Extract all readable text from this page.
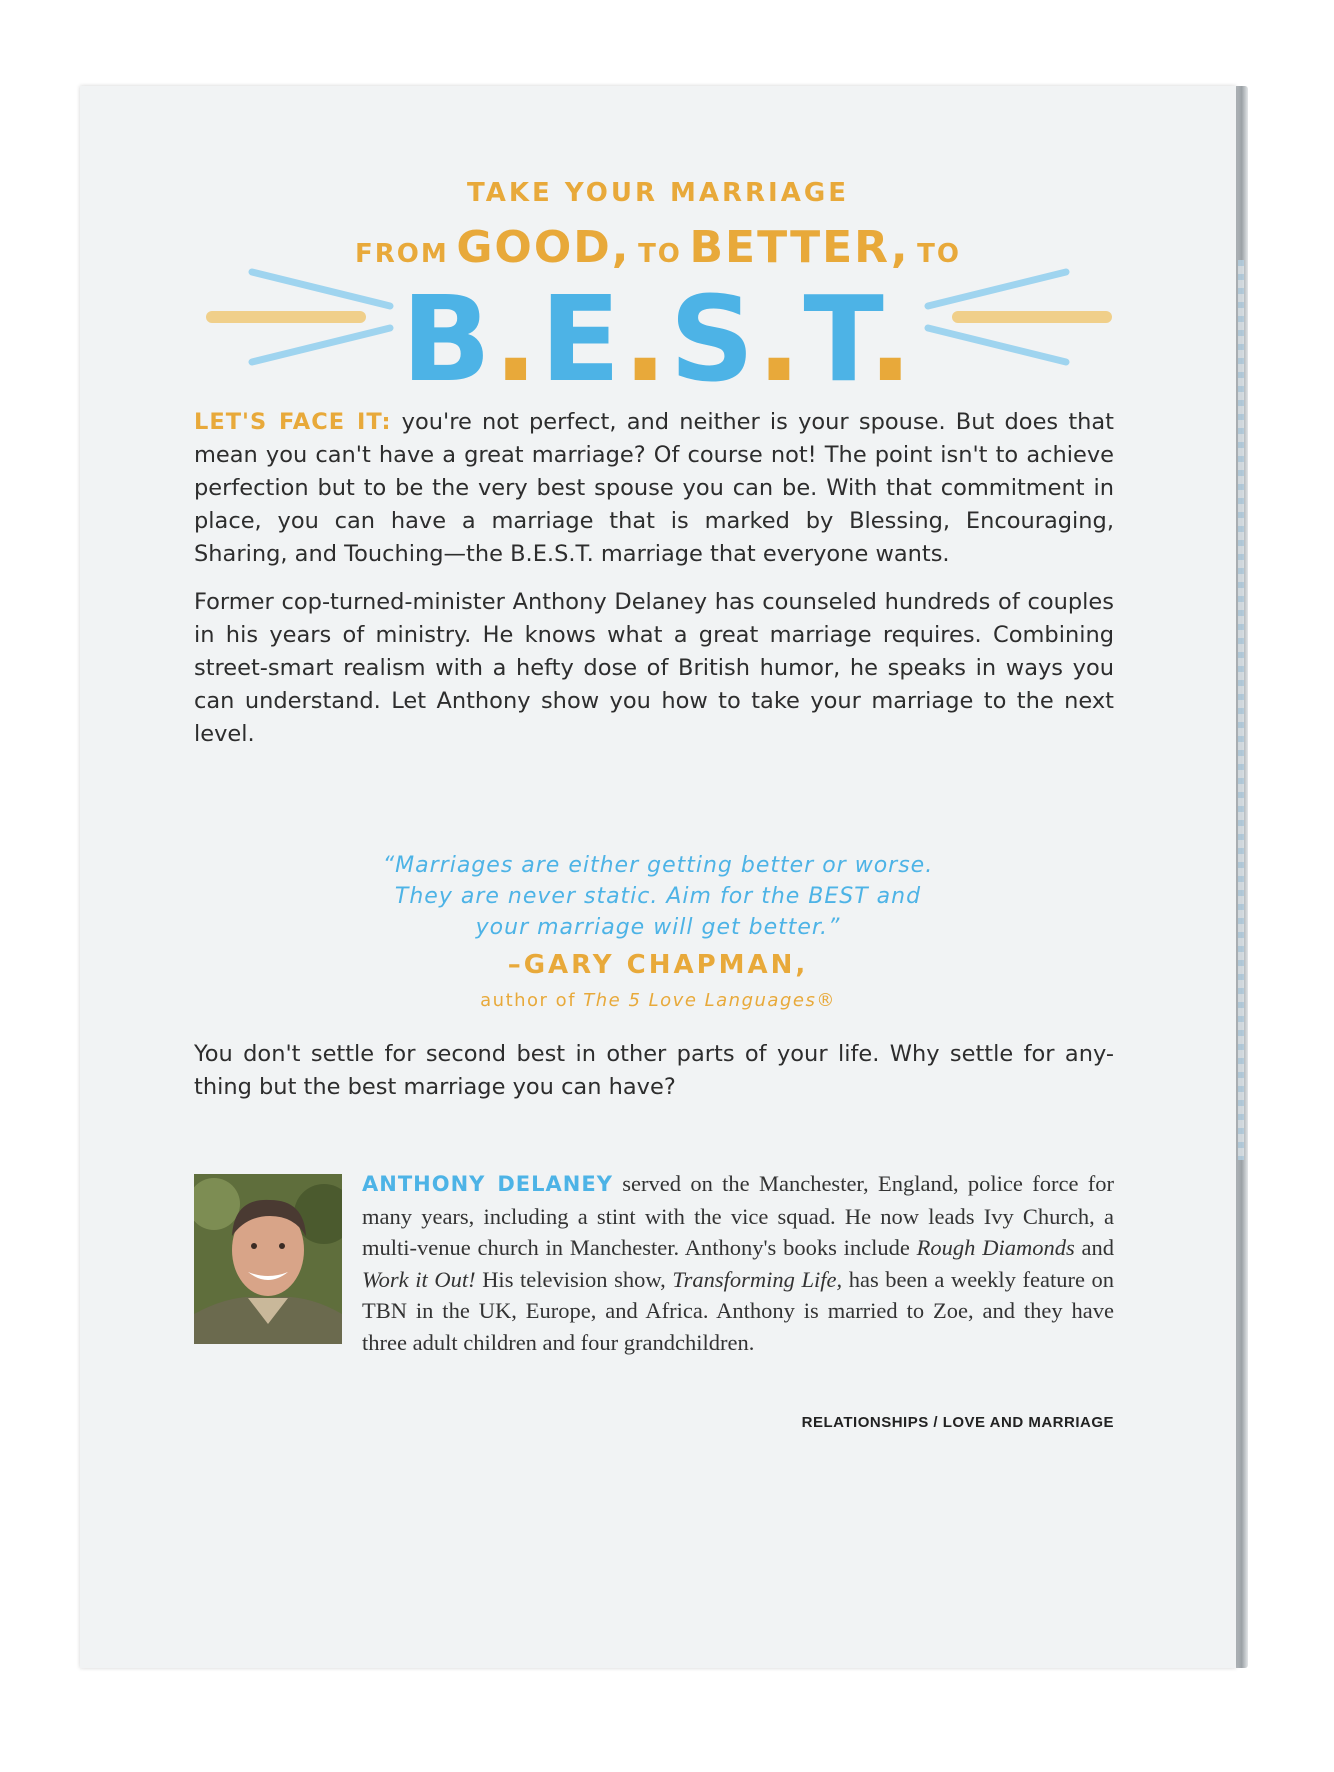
TAKE YOUR MARRIAGE
FROM GOOD, TO BETTER, TO
B.E.S.T.
LET'S FACE IT: you're not perfect, and neither is your spouse. But does that mean you can't have a great marriage? Of course not! The point isn't to achieve perfection but to be the very best spouse you can be. With that commitment in place, you can have a marriage that is marked by Blessing, Encouraging, Sharing, and Touching—the B.E.S.T. marriage that everyone wants.
Former cop-turned-minister Anthony Delaney has counseled hundreds of couples in his years of ministry. He knows what a great marriage requires. Combining street-smart realism with a hefty dose of British humor, he speaks in ways you can understand. Let Anthony show you how to take your marriage to the next level.
“Marriages are either getting better or worse.
They are never static. Aim for the BEST and
your marriage will get better.”
–GARY CHAPMAN,
author of The 5 Love Languages®
You don't settle for second best in other parts of your life. Why settle for any-thing but the best marriage you can have?
ANTHONY DELANEY served on the Manchester, England, police force for many years, including a stint with the vice squad. He now leads Ivy Church, a multi-venue church in Manchester. Anthony's books include Rough Diamonds and Work it Out! His television show, Transforming Life, has been a weekly feature on TBN in the UK, Europe, and Africa. Anthony is married to Zoe, and they have three adult children and four grandchildren.
RELATIONSHIPS / LOVE AND MARRIAGE
